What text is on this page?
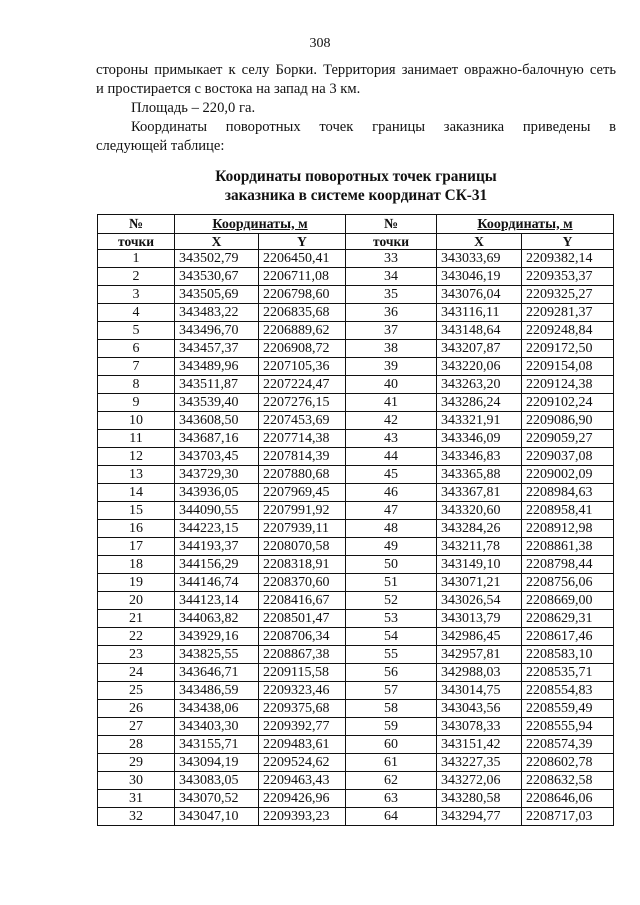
308

стороны примыкает к селу Борки. Территория занимает овражно-балочную сеть

и простирается с востока на запад на 3 км.

Площадь – 220,0 га.

Координаты поворотных точек границы заказника приведены в

следующей таблице:

Координаты поворотных точек границы
заказника в системе координат СК-31
№	Координаты, м		№	Координаты, м	
точки	X	Y	точки	X	Y
1	343502,79	2206450,41	33	343033,69	2209382,14
2	343530,67	2206711,08	34	343046,19	2209353,37
3	343505,69	2206798,60	35	343076,04	2209325,27
4	343483,22	2206835,68	36	343116,11	2209281,37
5	343496,70	2206889,62	37	343148,64	2209248,84
6	343457,37	2206908,72	38	343207,87	2209172,50
7	343489,96	2207105,36	39	343220,06	2209154,08
8	343511,87	2207224,47	40	343263,20	2209124,38
9	343539,40	2207276,15	41	343286,24	2209102,24
10	343608,50	2207453,69	42	343321,91	2209086,90
11	343687,16	2207714,38	43	343346,09	2209059,27
12	343703,45	2207814,39	44	343346,83	2209037,08
13	343729,30	2207880,68	45	343365,88	2209002,09
14	343936,05	2207969,45	46	343367,81	2208984,63
15	344090,55	2207991,92	47	343320,60	2208958,41
16	344223,15	2207939,11	48	343284,26	2208912,98
17	344193,37	2208070,58	49	343211,78	2208861,38
18	344156,29	2208318,91	50	343149,10	2208798,44
19	344146,74	2208370,60	51	343071,21	2208756,06
20	344123,14	2208416,67	52	343026,54	2208669,00
21	344063,82	2208501,47	53	343013,79	2208629,31
22	343929,16	2208706,34	54	342986,45	2208617,46
23	343825,55	2208867,38	55	342957,81	2208583,10
24	343646,71	2209115,58	56	342988,03	2208535,71
25	343486,59	2209323,46	57	343014,75	2208554,83
26	343438,06	2209375,68	58	343043,56	2208559,49
27	343403,30	2209392,77	59	343078,33	2208555,94
28	343155,71	2209483,61	60	343151,42	2208574,39
29	343094,19	2209524,62	61	343227,35	2208602,78
30	343083,05	2209463,43	62	343272,06	2208632,58
31	343070,52	2209426,96	63	343280,58	2208646,06
32	343047,10	2209393,23	64	343294,77	2208717,03
